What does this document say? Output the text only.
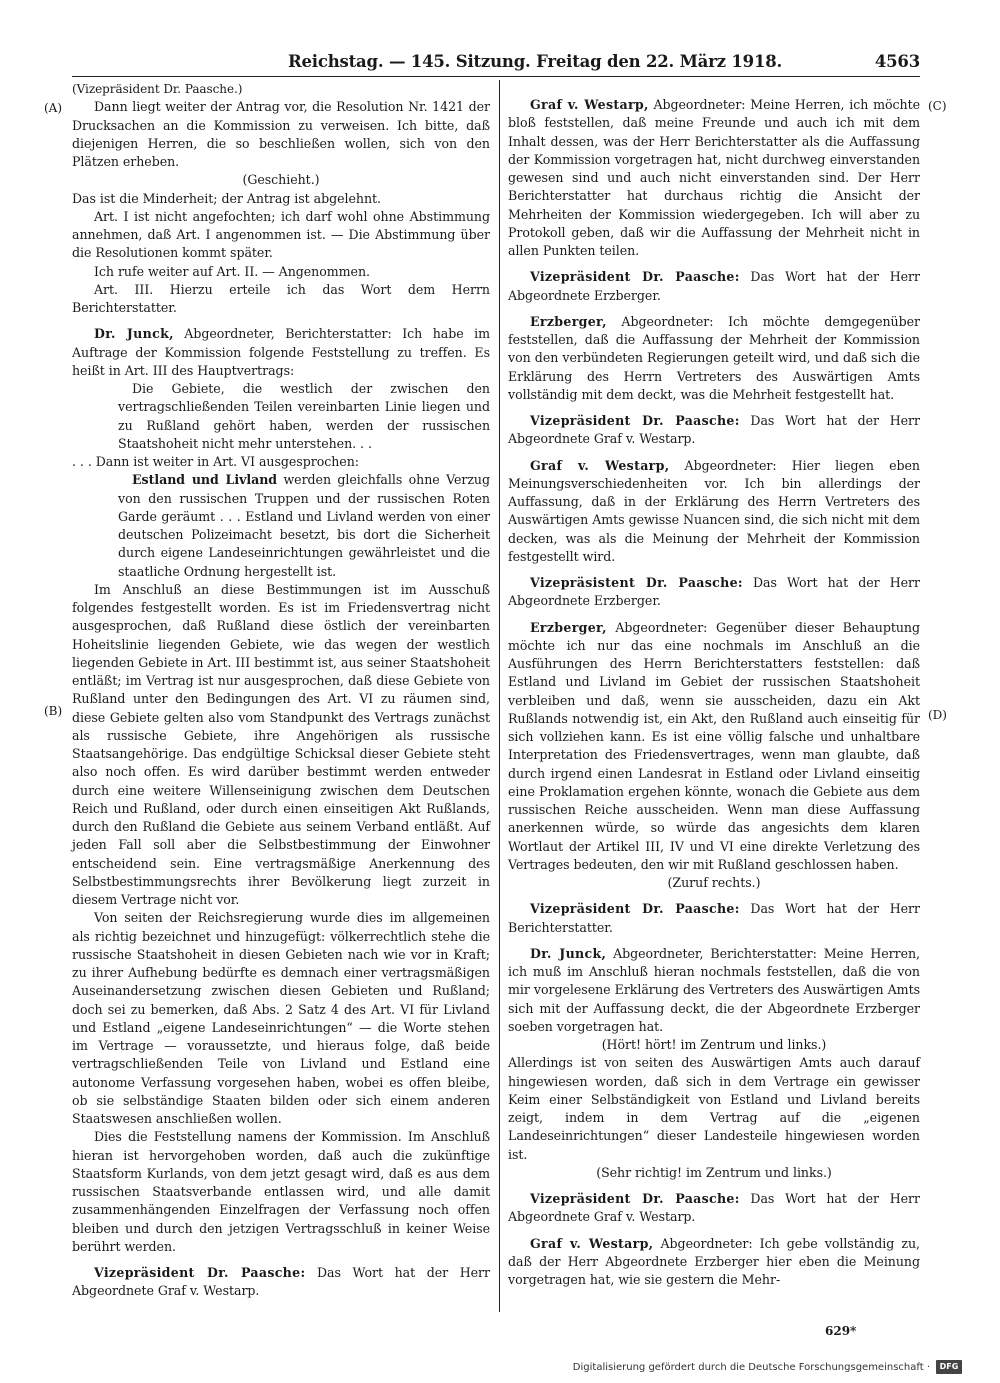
Reichstag. — 145. Sitzung. Freitag den 22. März 1918.	4563
(A)
(B)
(C)
(D)

(Vizepräsident Dr. Paasche.)

Dann liegt weiter der Antrag vor, die Resolution Nr. 1421 der Drucksachen an die Kommission zu verweisen. Ich bitte, daß diejenigen Herren, die so beschließen wollen, sich von den Plätzen erheben.

(Geschieht.)

Das ist die Minderheit; der Antrag ist abgelehnt.

Art. I ist nicht angefochten; ich darf wohl ohne Abstimmung annehmen, daß Art. I angenommen ist. — Die Abstimmung über die Resolutionen kommt später.

Ich rufe weiter auf Art. II. — Angenommen.

Art. III. Hierzu erteile ich das Wort dem Herrn Berichterstatter.

Dr. Junck, Abgeordneter, Berichterstatter: Ich habe im Auftrage der Kommission folgende Feststellung zu treffen. Es heißt in Art. III des Hauptvertrags:

Die Gebiete, die westlich der zwischen den vertragschließenden Teilen vereinbarten Linie liegen und zu Rußland gehört haben, werden der russischen Staatshoheit nicht mehr unterstehen. . .

. . . Dann ist weiter in Art. VI ausgesprochen:

Estland und Livland werden gleichfalls ohne Verzug von den russischen Truppen und der russischen Roten Garde geräumt . . . Estland und Livland werden von einer deutschen Polizeimacht besetzt, bis dort die Sicherheit durch eigene Landeseinrichtungen gewährleistet und die staatliche Ordnung hergestellt ist.

Im Anschluß an diese Bestimmungen ist im Ausschuß folgendes festgestellt worden. Es ist im Friedensvertrag nicht ausgesprochen, daß Rußland diese östlich der vereinbarten Hoheitslinie liegenden Gebiete, wie das wegen der westlich liegenden Gebiete in Art. III bestimmt ist, aus seiner Staatshoheit entläßt; im Vertrag ist nur ausgesprochen, daß diese Gebiete von Rußland unter den Bedingungen des Art. VI zu räumen sind, diese Gebiete gelten also vom Standpunkt des Vertrags zunächst als russische Gebiete, ihre Angehörigen als russische Staatsangehörige. Das endgültige Schicksal dieser Gebiete steht also noch offen. Es wird darüber bestimmt werden entweder durch eine weitere Willenseinigung zwischen dem Deutschen Reich und Rußland, oder durch einen einseitigen Akt Rußlands, durch den Rußland die Gebiete aus seinem Verband entläßt. Auf jeden Fall soll aber die Selbstbestimmung der Einwohner entscheidend sein. Eine vertragsmäßige Anerkennung des Selbstbestimmungsrechts ihrer Bevölkerung liegt zurzeit in diesem Vertrage nicht vor.

Von seiten der Reichsregierung wurde dies im allgemeinen als richtig bezeichnet und hinzugefügt: völkerrechtlich stehe die russische Staatshoheit in diesen Gebieten nach wie vor in Kraft; zu ihrer Aufhebung bedürfte es demnach einer vertragsmäßigen Auseinandersetzung zwischen diesen Gebieten und Rußland; doch sei zu bemerken, daß Abs. 2 Satz 4 des Art. VI für Livland und Estland „eigene Landeseinrichtungen“ — die Worte stehen im Vertrage — voraussetzte, und hieraus folge, daß beide vertragschließenden Teile von Livland und Estland eine autonome Verfassung vorgesehen haben, wobei es offen bleibe, ob sie selbständige Staaten bilden oder sich einem anderen Staatswesen anschließen wollen.

Dies die Feststellung namens der Kommission. Im Anschluß hieran ist hervorgehoben worden, daß auch die zukünftige Staatsform Kurlands, von dem jetzt gesagt wird, daß es aus dem russischen Staatsverbande entlassen wird, und alle damit zusammenhängenden Einzelfragen der Verfassung noch offen bleiben und durch den jetzigen Vertragsschluß in keiner Weise berührt werden.

Vizepräsident Dr. Paasche: Das Wort hat der Herr Abgeordnete Graf v. Westarp.

Graf v. Westarp, Abgeordneter: Meine Herren, ich möchte bloß feststellen, daß meine Freunde und auch ich mit dem Inhalt dessen, was der Herr Berichterstatter als die Auffassung der Kommission vorgetragen hat, nicht durchweg einverstanden gewesen sind und auch nicht einverstanden sind. Der Herr Berichterstatter hat durchaus richtig die Ansicht der Mehrheiten der Kommission wiedergegeben. Ich will aber zu Protokoll geben, daß wir die Auffassung der Mehrheit nicht in allen Punkten teilen.

Vizepräsident Dr. Paasche: Das Wort hat der Herr Abgeordnete Erzberger.

Erzberger, Abgeordneter: Ich möchte demgegenüber feststellen, daß die Auffassung der Mehrheit der Kommission von den verbündeten Regierungen geteilt wird, und daß sich die Erklärung des Herrn Vertreters des Auswärtigen Amts vollständig mit dem deckt, was die Mehrheit festgestellt hat.

Vizepräsident Dr. Paasche: Das Wort hat der Herr Abgeordnete Graf v. Westarp.

Graf v. Westarp, Abgeordneter: Hier liegen eben Meinungsverschiedenheiten vor. Ich bin allerdings der Auffassung, daß in der Erklärung des Herrn Vertreters des Auswärtigen Amts gewisse Nuancen sind, die sich nicht mit dem decken, was als die Meinung der Mehrheit der Kommission festgestellt wird.

Vizepräsistent Dr. Paasche: Das Wort hat der Herr Abgeordnete Erzberger.

Erzberger, Abgeordneter: Gegenüber dieser Behauptung möchte ich nur das eine nochmals im Anschluß an die Ausführungen des Herrn Berichterstatters feststellen: daß Estland und Livland im Gebiet der russischen Staatshoheit verbleiben und daß, wenn sie ausscheiden, dazu ein Akt Rußlands notwendig ist, ein Akt, den Rußland auch einseitig für sich vollziehen kann. Es ist eine völlig falsche und unhaltbare Interpretation des Friedensvertrages, wenn man glaubte, daß durch irgend einen Landesrat in Estland oder Livland einseitig eine Proklamation ergehen könnte, wonach die Gebiete aus dem russischen Reiche ausscheiden. Wenn man diese Auffassung anerkennen würde, so würde das angesichts dem klaren Wortlaut der Artikel III, IV und VI eine direkte Verletzung des Vertrages bedeuten, den wir mit Rußland geschlossen haben.

(Zuruf rechts.)

Vizepräsident Dr. Paasche: Das Wort hat der Herr Berichterstatter.

Dr. Junck, Abgeordneter, Berichterstatter: Meine Herren, ich muß im Anschluß hieran nochmals feststellen, daß die von mir vorgelesene Erklärung des Vertreters des Auswärtigen Amts sich mit der Auffassung deckt, die der Abgeordnete Erzberger soeben vorgetragen hat.

(Hört! hört! im Zentrum und links.)

Allerdings ist von seiten des Auswärtigen Amts auch darauf hingewiesen worden, daß sich in dem Vertrage ein gewisser Keim einer Selbständigkeit von Estland und Livland bereits zeigt, indem in dem Vertrag auf die „eigenen Landeseinrichtungen“ dieser Landesteile hingewiesen worden ist.

(Sehr richtig! im Zentrum und links.)

Vizepräsident Dr. Paasche: Das Wort hat der Herr Abgeordnete Graf v. Westarp.

Graf v. Westarp, Abgeordneter: Ich gebe vollständig zu, daß der Herr Abgeordnete Erzberger hier eben die Meinung vorgetragen hat, wie sie gestern die Mehr-

629*
Digitalisierung gefördert durch die Deutsche Forschungsgemeinschaft ·	DFG
